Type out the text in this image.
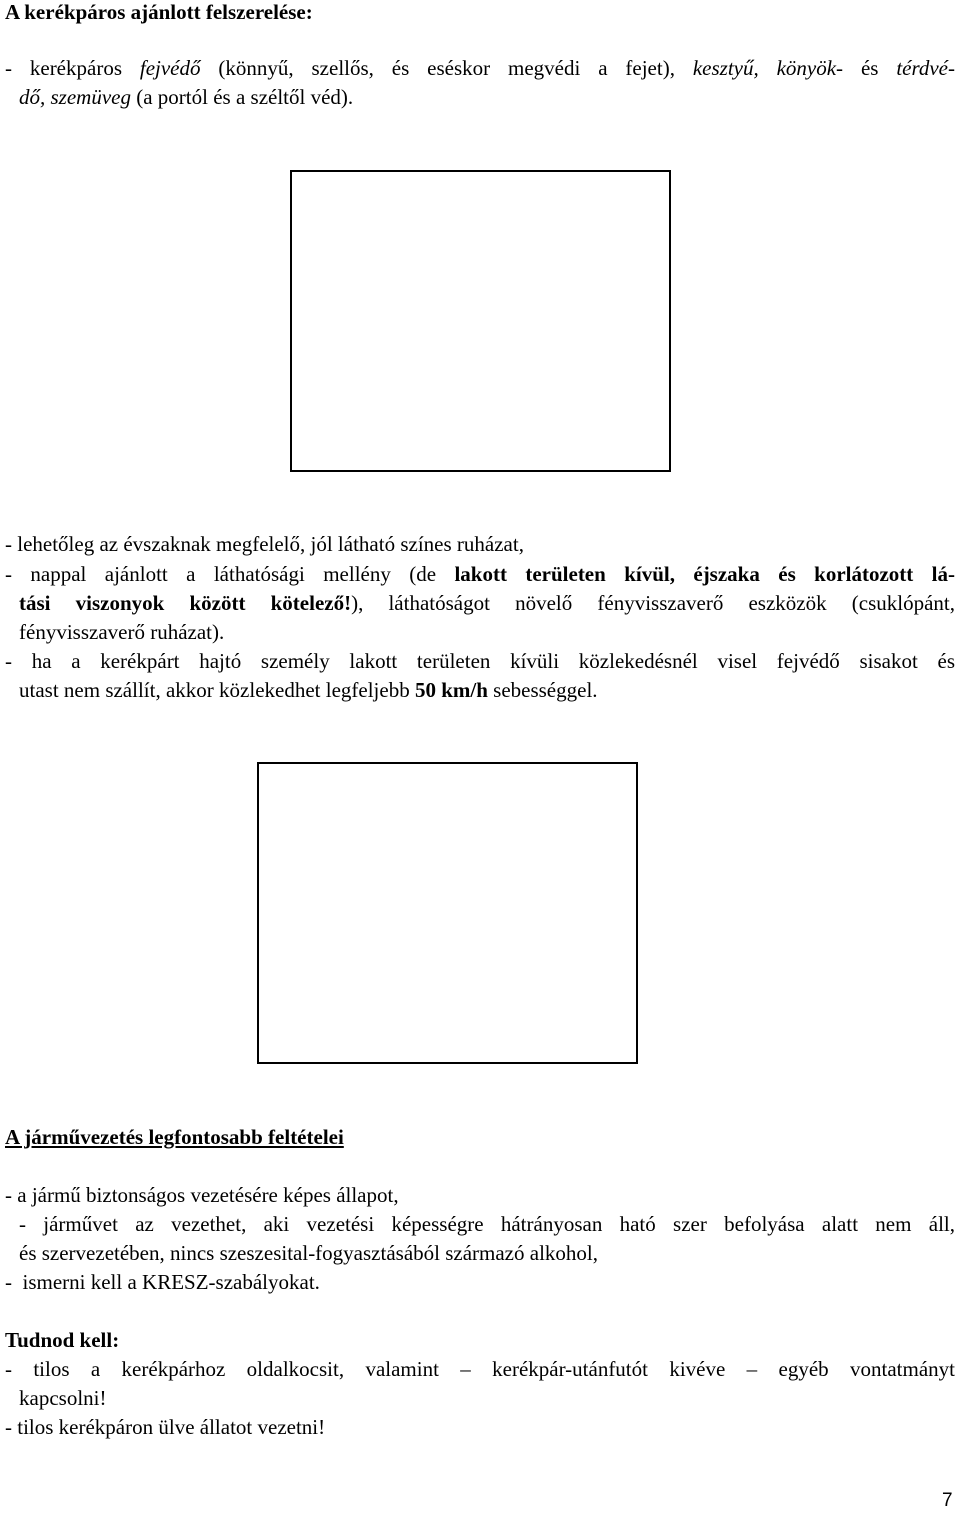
A kerékpáros ajánlott felszerelése:
- kerékpáros fejvédő (könnyű, szellős, és eséskor megvédi a fejet), kesztyű, könyök- és térdvé-
dő, szemüveg (a portól és a széltől véd).
- lehetőleg az évszaknak megfelelő, jól látható színes ruházat,
- nappal ajánlott a láthatósági mellény (de lakott területen kívül, éjszaka és korlátozott lá-
tási viszonyok között kötelező!), láthatóságot növelő fényvisszaverő eszközök (csuklópánt,
fényvisszaverő ruházat).
- ha a kerékpárt hajtó személy lakott területen kívüli közlekedésnél visel fejvédő sisakot és
utast nem szállít, akkor közlekedhet legfeljebb 50 km/h sebességgel.
A járművezetés legfontosabb feltételei
- a jármű biztonságos vezetésére képes állapot,
- járművet az vezethet, aki vezetési képességre hátrányosan ható szer befolyása alatt nem áll,
és szervezetében, nincs szeszesital-fogyasztásából származó alkohol,
-  ismerni kell a KRESZ-szabályokat.
Tudnod kell:
- tilos a kerékpárhoz oldalkocsit, valamint – kerékpár-utánfutót kivéve – egyéb vontatmányt
kapcsolni!
- tilos kerékpáron ülve állatot vezetni!
7
